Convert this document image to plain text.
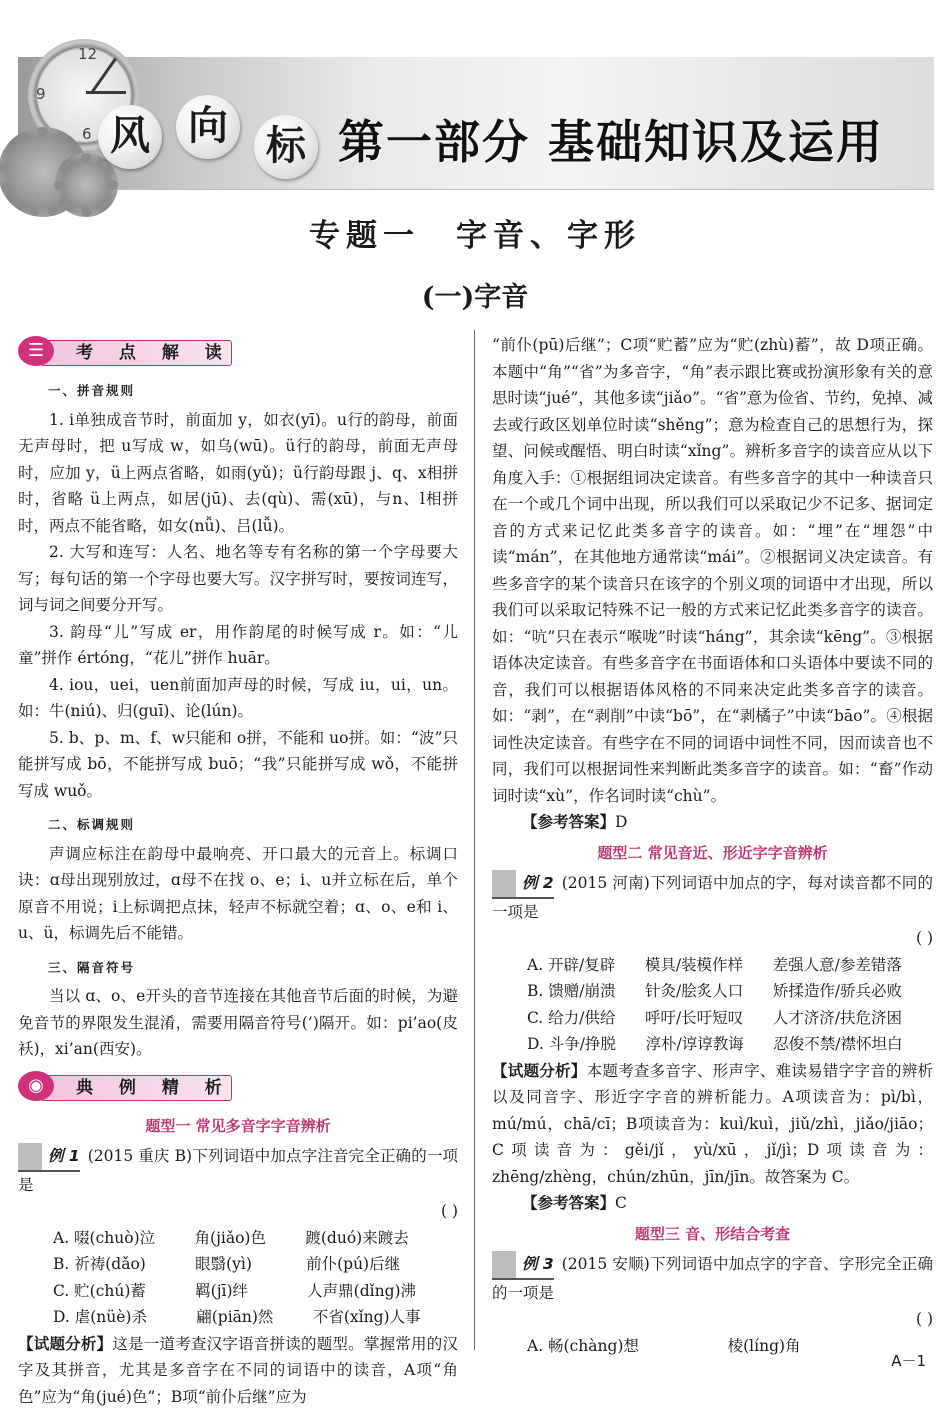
12
9
6 风 向 标 第一部分 基础知识及运用
专题一 字音、字形
(一)字音
☰	考 点 解 读
一、拼音规则

1. i单独成音节时，前面加 y，如衣(yī)。u行的韵母，前面无声母时，把 u写成 w，如乌(wū)。ü行的韵母，前面无声母时，应加 y，ü上两点省略，如雨(yǔ)；ü行韵母跟 j、q、x相拼时，省略 ü上两点，如居(jū)、去(qù)、需(xū)，与n、l相拼时，两点不能省略，如女(nǚ)、吕(lǚ)。

2. 大写和连写：人名、地名等专有名称的第一个字母要大写；每句话的第一个字母也要大写。汉字拼写时，要按词连写，词与词之间要分开写。

3. 韵母“儿”写成 er，用作韵尾的时候写成 r。如：“儿童”拼作 értóng，“花儿”拼作 huār。

4. iou，uei，uen前面加声母的时候，写成 iu，ui，un。如：牛(niú)、归(guī)、论(lún)。

5. b、p、m、f、w只能和 o拼，不能和 uo拼。如：“波”只能拼写成 bō，不能拼写成 buō；“我”只能拼写成 wǒ，不能拼写成 wuǒ。

二、标调规则

声调应标注在韵母中最响亮、开口最大的元音上。标调口诀：ɑ母出现别放过，ɑ母不在找 o、e；i、u并立标在后，单个原音不用说；i上标调把点抹，轻声不标就空着；ɑ、o、e和 i、u、ü，标调先后不能错。

三、隔音符号

当以 ɑ、o、e开头的音节连接在其他音节后面的时候，为避免音节的界限发生混淆，需要用隔音符号(’)隔开。如：pi’ao(皮袄)，xi’an(西安)。

◉	典 例 精 析
题型一 常见多音字字音辨析

例 1 (2015 重庆 B)下列词语中加点字注音完全正确的一项是

( )

A. 啜(chuò)泣        角(jiǎo)色        踱(duó)来踱去

B. 祈祷(dǎo)          眼翳(yì)           前仆(pú)后继

C. 贮(chú)蓄          羁(jī)绊            人声鼎(dǐng)沸

D. 虐(nüè)杀          翩(piān)然        不省(xǐng)人事

【试题分析】这是一道考查汉字语音拼读的题型。掌握常用的汉字及其拼音，尤其是多音字在不同的词语中的读音，A项“角色”应为“角(jué)色”；B项“前仆后继”应为

“前仆(pū)后继”；C项“贮蓄”应为“贮(zhù)蓄”，故 D项正确。本题中“角”“省”为多音字，“角”表示跟比赛或扮演形象有关的意思时读“jué”，其他多读“jiǎo”。“省”意为俭省、节约，免掉、减去或行政区划单位时读“shěng”；意为检查自己的思想行为，探望、问候或醒悟、明白时读“xǐng”。辨析多音字的读音应从以下角度入手：①根据组词决定读音。有些多音字的其中一种读音只在一个或几个词中出现，所以我们可以采取记少不记多、据词定音的方式来记忆此类多音字的读音。如：“埋”在“埋怨”中读“mán”，在其他地方通常读“mái”。②根据词义决定读音。有些多音字的某个读音只在该字的个别义项的词语中才出现，所以我们可以采取记特殊不记一般的方式来记忆此类多音字的读音。如：“吭”只在表示“喉咙”时读“háng”，其余读“kēng”。③根据语体决定读音。有些多音字在书面语体和口头语体中要读不同的音，我们可以根据语体风格的不同来决定此类多音字的读音。如：“剥”，在“剥削”中读“bō”，在“剥橘子”中读“bāo”。④根据词性决定读音。有些字在不同的词语中词性不同，因而读音也不同，我们可以根据词性来判断此类多音字的读音。如：“畜”作动词时读“xù”，作名词时读“chù”。

【参考答案】D

题型二 常见音近、形近字字音辨析

例 2 (2015 河南)下列词语中加点的字，每对读音都不同的一项是

( )

A. 开辟/复辟      模具/装模作样      差强人意/参差错落

B. 馈赠/崩溃      针灸/脍炙人口      矫揉造作/骄兵必败

C. 给力/供给      呼吁/长吁短叹      人才济济/扶危济困

D. 斗争/挣脱      淳朴/谆谆教诲      忍俊不禁/襟怀坦白

【试题分析】本题考查多音字、形声字、难读易错字字音的辨析以及同音字、形近字字音的辨析能力。A项读音为：pì/bì，mú/mú，chā/cī；B项读音为：kuì/kuì，jiǔ/zhì，jiǎo/jiāo；C项读音为：gěi/jǐ，yù/xū，jǐ/jì；D项读音为：zhēng/zhèng，chún/zhūn，jīn/jīn。故答案为 C。

【参考答案】C

题型三 音、形结合考查

例 3 (2015 安顺)下列词语中加点字的字音、字形完全正确的一项是

( )

A. 畅(chàng)想                  棱(líng)角

A－1
